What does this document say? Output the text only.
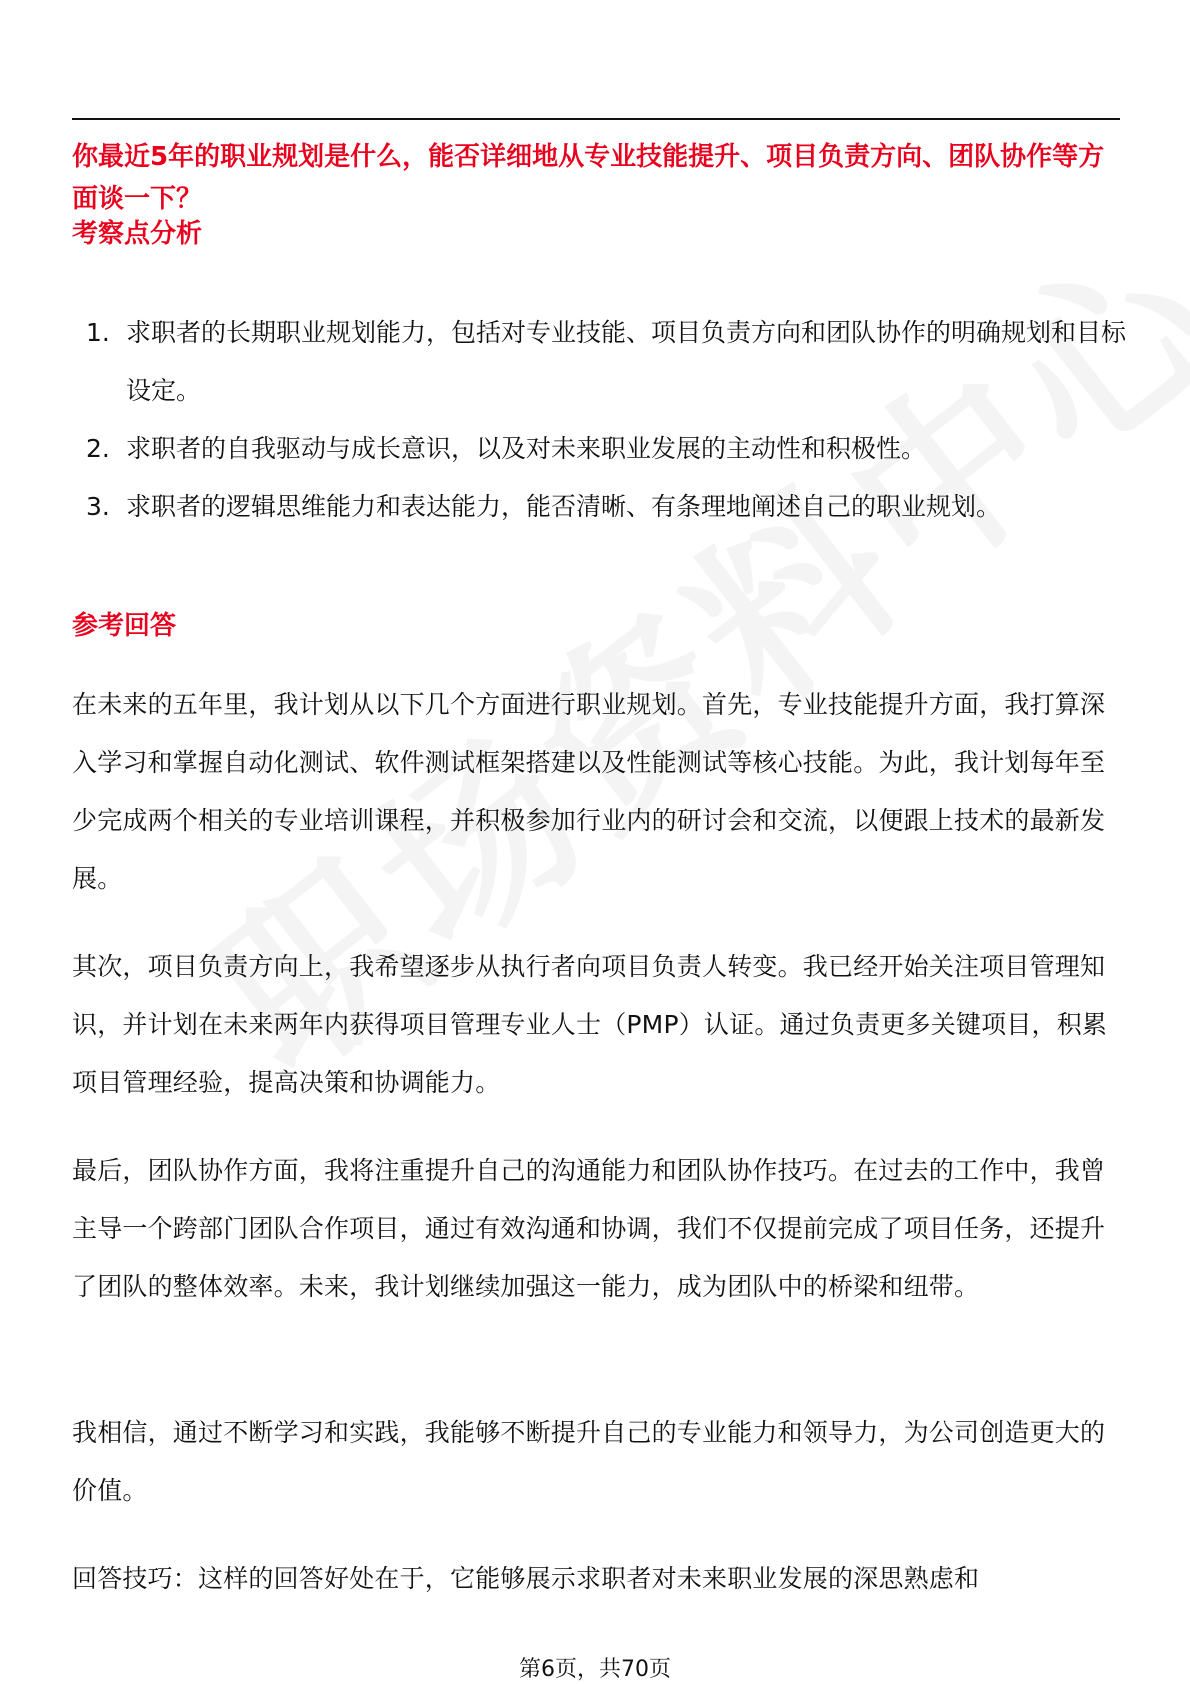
你最近5年的职业规划是什么，能否详细地从专业技能提升、项目负责方向、团队协作等方面谈一下？

考察点分析

1. 求职者的长期职业规划能力，包括对专业技能、项目负责方向和团队协作的明确规划和目标设定。
2. 求职者的自我驱动与成长意识，以及对未来职业发展的主动性和积极性。
3. 求职者的逻辑思维能力和表达能力，能否清晰、有条理地阐述自己的职业规划。

参考回答

在未来的五年里，我计划从以下几个方面进行职业规划。首先，专业技能提升方面，我打算深入学习和掌握自动化测试、软件测试框架搭建以及性能测试等核心技能。为此，我计划每年至少完成两个相关的专业培训课程，并积极参加行业内的研讨会和交流，以便跟上技术的最新发展。

其次，项目负责方向上，我希望逐步从执行者向项目负责人转变。我已经开始关注项目管理知识，并计划在未来两年内获得项目管理专业人士（PMP）认证。通过负责更多关键项目，积累项目管理经验，提高决策和协调能力。

最后，团队协作方面，我将注重提升自己的沟通能力和团队协作技巧。在过去的工作中，我曾主导一个跨部门团队合作项目，通过有效沟通和协调，我们不仅提前完成了项目任务，还提升了团队的整体效率。未来，我计划继续加强这一能力，成为团队中的桥梁和纽带。

我相信，通过不断学习和实践，我能够不断提升自己的专业能力和领导力，为公司创造更大的价值。

回答技巧：这样的回答好处在于，它能够展示求职者对未来职业发展的深思熟虑和

第6页，共70页
